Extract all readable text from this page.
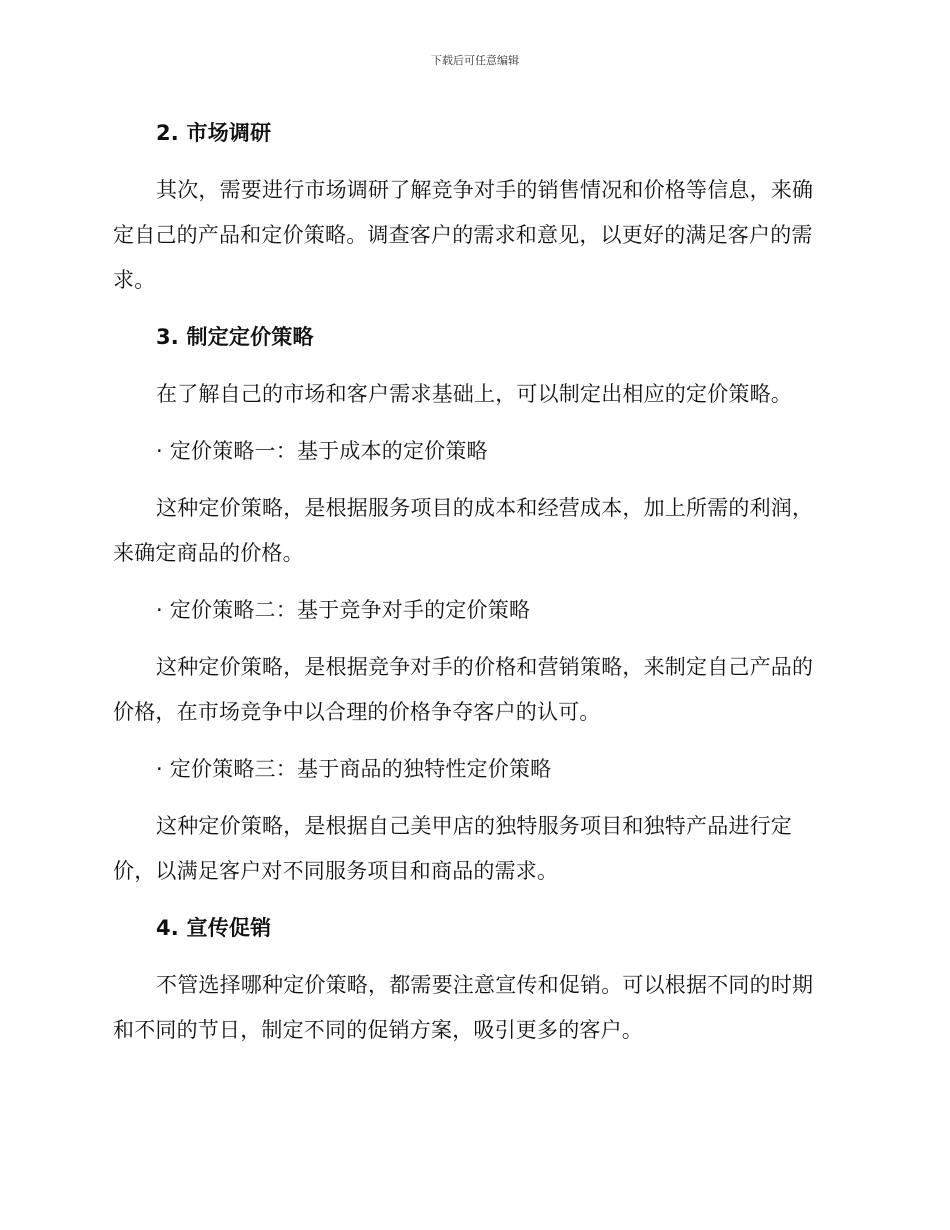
下载后可任意编辑
2. 市场调研

其次，需要进行市场调研了解竞争对手的销售情况和价格等信息，来确定自己的产品和定价策略。调查客户的需求和意见，以更好的满足客户的需求。

3. 制定定价策略

在了解自己的市场和客户需求基础上，可以制定出相应的定价策略。

· 定价策略一：基于成本的定价策略

这种定价策略，是根据服务项目的成本和经营成本，加上所需的利润，来确定商品的价格。

· 定价策略二：基于竞争对手的定价策略

这种定价策略，是根据竞争对手的价格和营销策略，来制定自己产品的价格，在市场竞争中以合理的价格争夺客户的认可。

· 定价策略三：基于商品的独特性定价策略

这种定价策略，是根据自己美甲店的独特服务项目和独特产品进行定价，以满足客户对不同服务项目和商品的需求。

4. 宣传促销

不管选择哪种定价策略，都需要注意宣传和促销。可以根据不同的时期和不同的节日，制定不同的促销方案，吸引更多的客户。
